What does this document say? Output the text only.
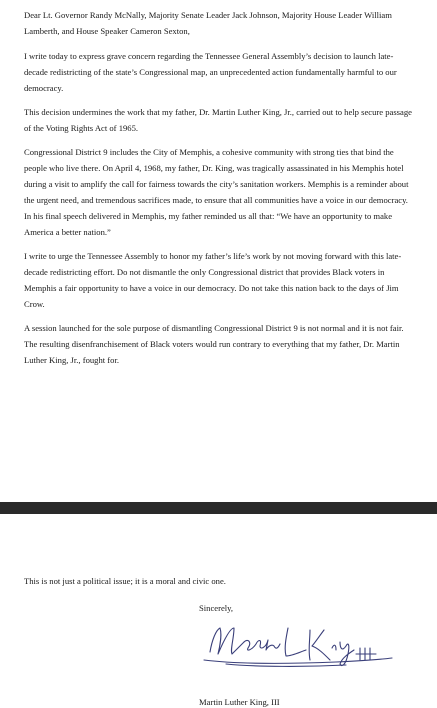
Dear Lt. Governor Randy McNally, Majority Senate Leader Jack Johnson, Majority House Leader William Lamberth, and House Speaker Cameron Sexton,

I write today to express grave concern regarding the Tennessee General Assembly’s decision to launch late-decade redistricting of the state’s Congressional map, an unprecedented action fundamentally harmful to our democracy.

This decision undermines the work that my father, Dr. Martin Luther King, Jr., carried out to help secure passage of the Voting Rights Act of 1965.

Congressional District 9 includes the City of Memphis, a cohesive community with strong ties that bind the people who live there. On April 4, 1968, my father, Dr. King, was tragically assassinated in his Memphis hotel during a visit to amplify the call for fairness towards the city’s sanitation workers. Memphis is a reminder about the urgent need, and tremendous sacrifices made, to ensure that all communities have a voice in our democracy. In his final speech delivered in Memphis, my father reminded us all that: “We have an opportunity to make America a better nation.”

I write to urge the Tennessee Assembly to honor my father’s life’s work by not moving forward with this late-decade redistricting effort. Do not dismantle the only Congressional district that provides Black voters in Memphis a fair opportunity to have a voice in our democracy. Do not take this nation back to the days of Jim Crow.

A session launched for the sole purpose of dismantling Congressional District 9 is not normal and it is not fair. The resulting disenfranchisement of Black voters would run contrary to everything that my father, Dr. Martin Luther King, Jr., fought for.

This is not just a political issue; it is a moral and civic one.
Sincerely,
Martin Luther King, III
